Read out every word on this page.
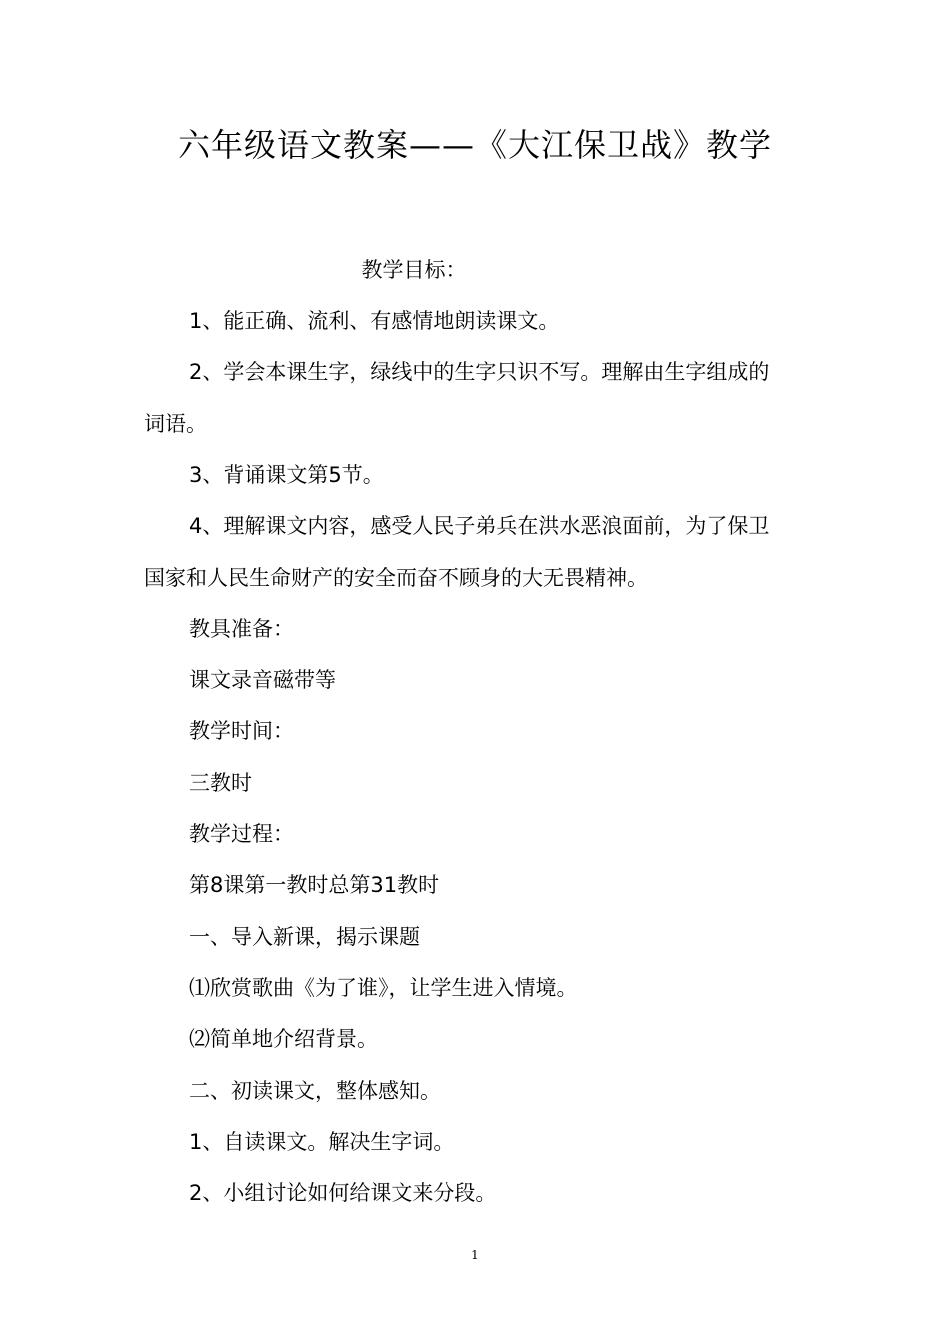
六年级语文教案——《大江保卫战》教学

教学目标：

1、能正确、流利、有感情地朗读课文。

2、学会本课生字，绿线中的生字只识不写。理解由生字组成的

词语。

3、背诵课文第5节。

4、理解课文内容，感受人民子弟兵在洪水恶浪面前，为了保卫

国家和人民生命财产的安全而奋不顾身的大无畏精神。

教具准备：

课文录音磁带等

教学时间：

三教时

教学过程：

第8课第一教时总第31教时

一、导入新课，揭示课题

⑴欣赏歌曲《为了谁》，让学生进入情境。

⑵简单地介绍背景。

二、初读课文，整体感知。

1、自读课文。解决生字词。

2、小组讨论如何给课文来分段。

1
